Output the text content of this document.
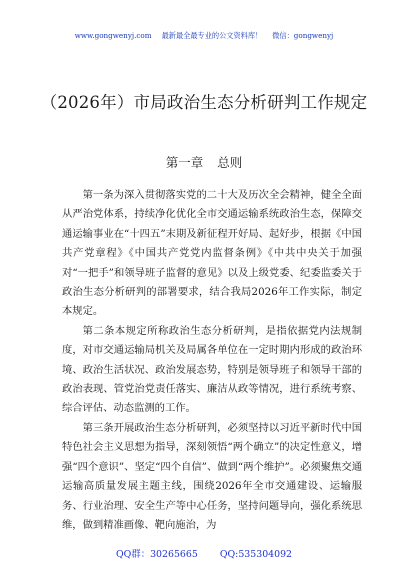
www.gongwenyj.com 最新最全最专业的公文资料库！ 微信：gongwenyj
（2026年）市局政治生态分析研判工作规定
第一章 总则

第一条为深入贯彻落实党的二十大及历次全会精神，健全全面从严治党体系，持续净化优化全市交通运输系统政治生态，保障交通运输事业在“十四五”末期及新征程开好局、起好步，根据《中国共产党章程》《中国共产党党内监督条例》《中共中央关于加强对“一把手”和领导班子监督的意见》以及上级党委、纪委监委关于政治生态分析研判的部署要求，结合我局2026年工作实际，制定本规定。

第二条本规定所称政治生态分析研判，是指依据党内法规制度，对市交通运输局机关及局属各单位在一定时期内形成的政治环境、政治生活状况、政治发展态势，特别是领导班子和领导干部的政治表现、管党治党责任落实、廉洁从政等情况，进行系统考察、综合评估、动态监测的工作。

第三条开展政治生态分析研判，必须坚持以习近平新时代中国特色社会主义思想为指导，深刻领悟“两个确立”的决定性意义，增强“四个意识”、坚定“四个自信”、做到“两个维护”。必须聚焦交通运输高质量发展主题主线，围绕2026年全市交通建设、运输服务、行业治理、安全生产等中心任务，坚持问题导向，强化系统思维，做到精准画像、靶向施治，为

QQ群：30265665 QQ:535304092
